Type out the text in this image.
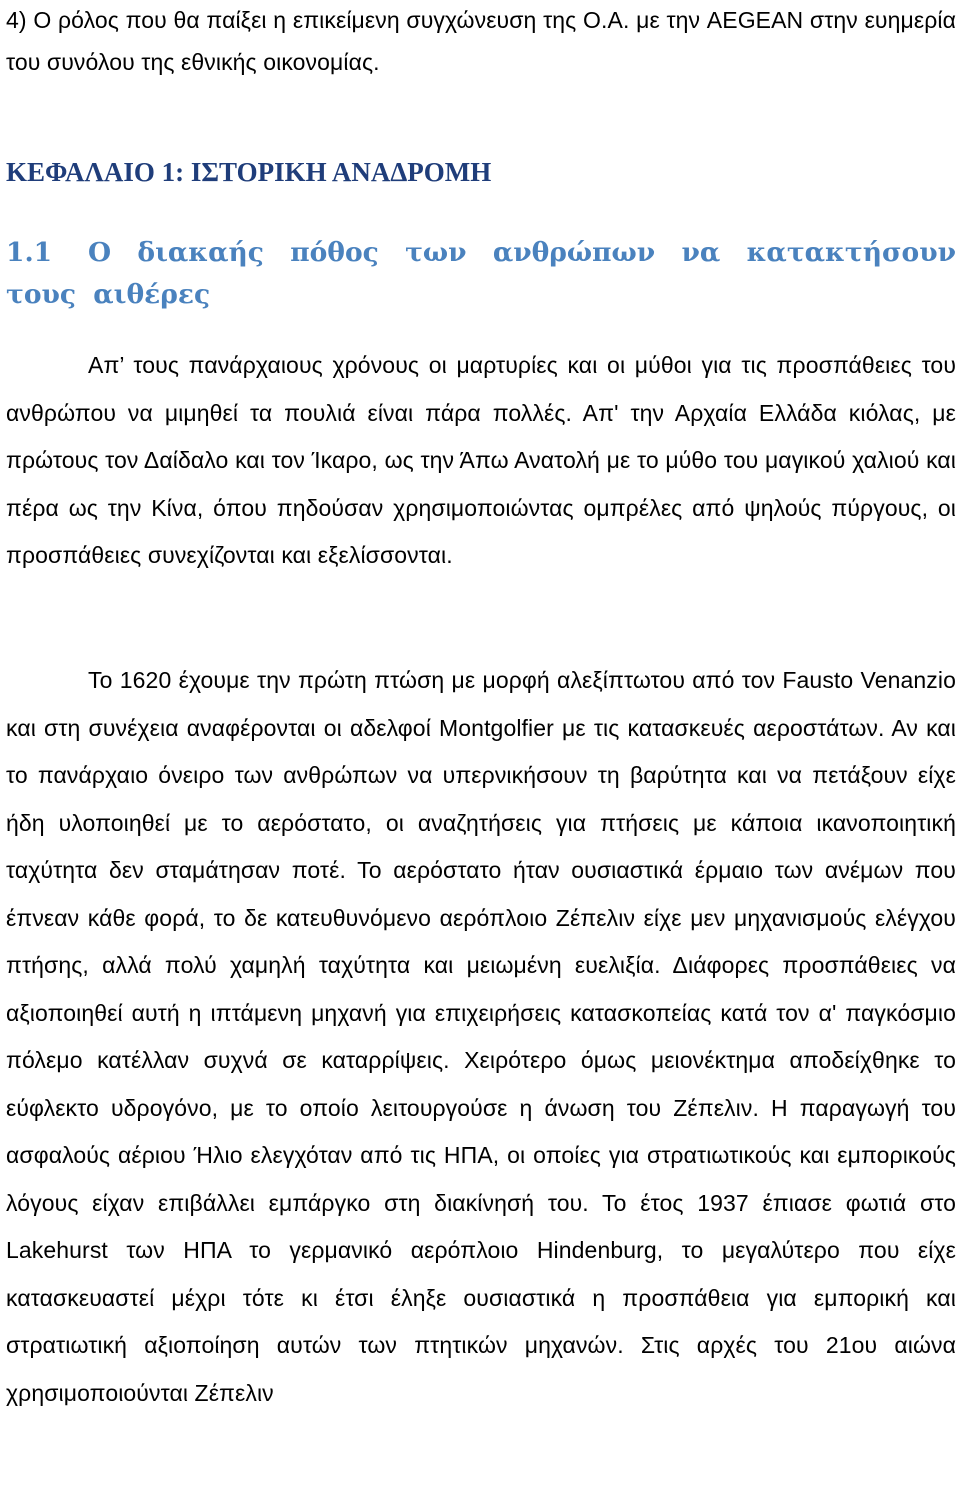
4) Ο ρόλος που θα παίξει η επικείμενη συγχώνευση της Ο.Α. με την AEGEAN στην ευημερία του συνόλου της εθνικής οικονομίας.

ΚΕΦΑΛΑΙΟ 1: ΙΣΤΟΡΙΚΗ ΑΝΑΔΡΟΜΗ
1.1 Ο διακαής πόθος των ανθρώπων να κατακτήσουν τους αιθέρες

Απ’ τους πανάρχαιους χρόνους οι μαρτυρίες και οι μύθοι για τις προσπάθειες του ανθρώπου να μιμηθεί τα πουλιά είναι πάρα πολλές. Απ' την Αρχαία Ελλάδα κιόλας, με πρώτους τον Δαίδαλο και τον Ίκαρο, ως την Άπω Ανατολή με το μύθο του μαγικού χαλιού και πέρα ως την Κίνα, όπου πηδούσαν χρησιμοποιώντας ομπρέλες από ψηλούς πύργους, οι προσπάθειες συνεχίζονται και εξελίσσονται.

Το 1620 έχουμε την πρώτη πτώση με μορφή αλεξίπτωτου από τον Fausto Venanzio και στη συνέχεια αναφέρονται οι αδελφοί Montgolfier με τις κατασκευές αεροστάτων. Αν και το πανάρχαιο όνειρο των ανθρώπων να υπερνικήσουν τη βαρύτητα και να πετάξουν είχε ήδη υλοποιηθεί με το αερόστατο, οι αναζητήσεις για πτήσεις με κάποια ικανοποιητική ταχύτητα δεν σταμάτησαν ποτέ. Το αερόστατο ήταν ουσιαστικά έρμαιο των ανέμων που έπνεαν κάθε φορά, το δε κατευθυνόμενο αερόπλοιο Ζέπελιν είχε μεν μηχανισμούς ελέγχου πτήσης, αλλά πολύ χαμηλή ταχύτητα και μειωμένη ευελιξία. Διάφορες προσπάθειες να αξιοποιηθεί αυτή η ιπτάμενη μηχανή για επιχειρήσεις κατασκοπείας κατά τον α' παγκόσμιο πόλεμο κατέλλαν συχνά σε καταρρίψεις. Χειρότερο όμως μειονέκτημα αποδείχθηκε το εύφλεκτο υδρογόνο, με το οποίο λειτουργούσε η άνωση του Ζέπελιν. Η παραγωγή του ασφαλούς αέριου Ήλιο ελεγχόταν από τις ΗΠΑ, οι οποίες για στρατιωτικούς και εμπορικούς λόγους είχαν επιβάλλει εμπάργκο στη διακίνησή του. Το έτος 1937 έπιασε φωτιά στο Lakehurst των ΗΠΑ το γερμανικό αερόπλοιο Hindenburg, το μεγαλύτερο που είχε κατασκευαστεί μέχρι τότε κι έτσι έληξε ουσιαστικά η προσπάθεια για εμπορική και στρατιωτική αξιοποίηση αυτών των πτητικών μηχανών. Στις αρχές του 21ου αιώνα χρησιμοποιούνται Ζέπελιν
